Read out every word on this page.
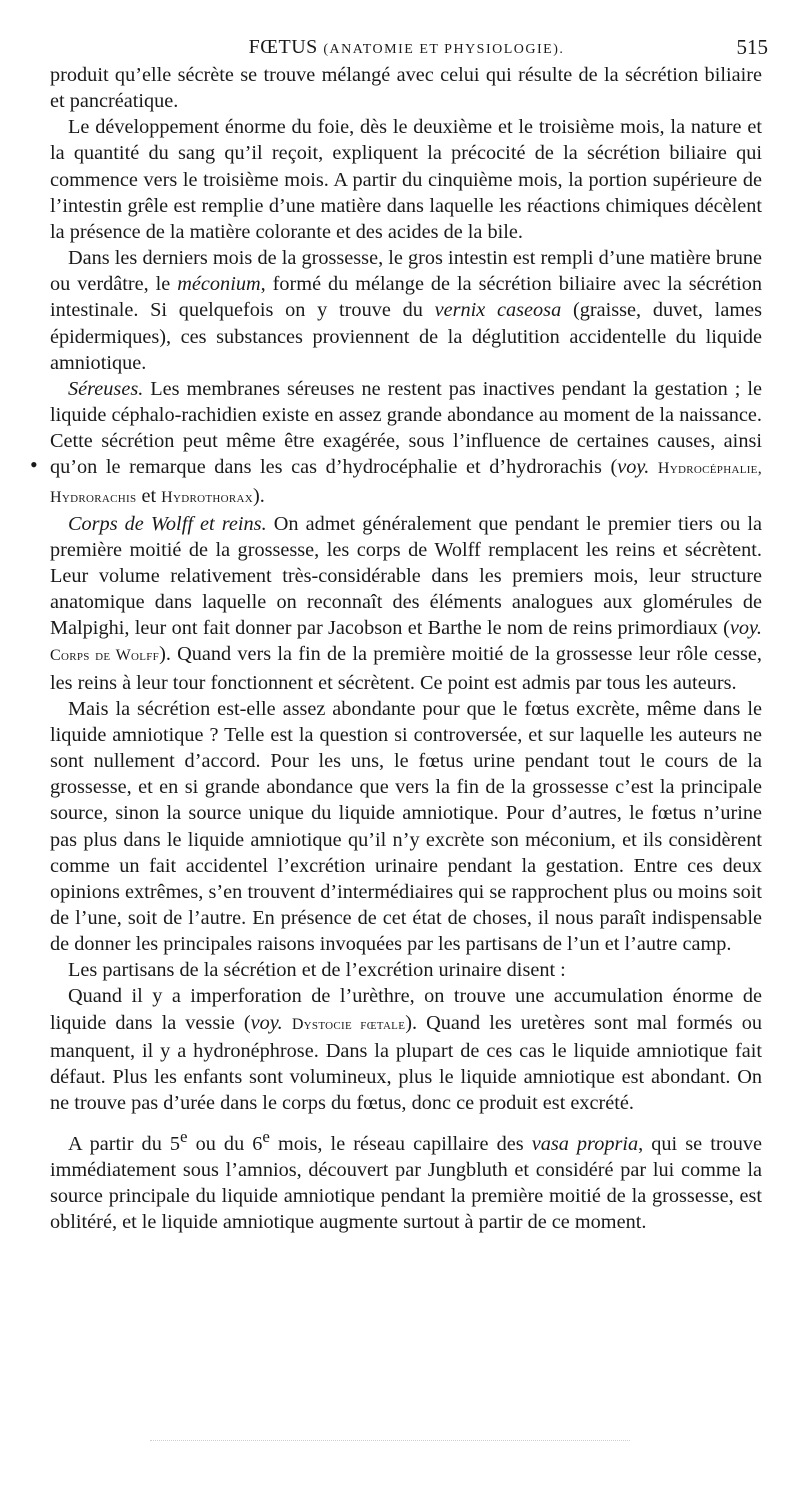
FŒTUS (ANATOMIE ET PHYSIOLOGIE).	515
•

produit qu’elle sécrète se trouve mélangé avec celui qui résulte de la sécrétion biliaire et pancréatique.

Le développement énorme du foie, dès le deuxième et le troisième mois, la nature et la quantité du sang qu’il reçoit, expliquent la précocité de la sécrétion biliaire qui commence vers le troisième mois. A partir du cinquième mois, la portion supérieure de l’intestin grêle est remplie d’une matière dans laquelle les réactions chimiques décèlent la présence de la matière colorante et des acides de la bile.

Dans les derniers mois de la grossesse, le gros intestin est rempli d’une matière brune ou verdâtre, le méconium, formé du mélange de la sécrétion biliaire avec la sécrétion intestinale. Si quelquefois on y trouve du vernix caseosa (graisse, duvet, lames épidermiques), ces substances proviennent de la déglutition accidentelle du liquide amniotique.

Séreuses. Les membranes séreuses ne restent pas inactives pendant la gestation ; le liquide céphalo-rachidien existe en assez grande abondance au moment de la naissance. Cette sécrétion peut même être exagérée, sous l’influence de certaines causes, ainsi qu’on le remarque dans les cas d’hydrocéphalie et d’hydrorachis (voy. Hydrocéphalie, Hydrorachis et Hydrothorax).

Corps de Wolff et reins. On admet généralement que pendant le premier tiers ou la première moitié de la grossesse, les corps de Wolff remplacent les reins et sécrètent. Leur volume relativement très-considérable dans les premiers mois, leur structure anatomique dans laquelle on reconnaît des éléments analogues aux glomérules de Malpighi, leur ont fait donner par Jacobson et Barthe le nom de reins primordiaux (voy. Corps de Wolff). Quand vers la fin de la première moitié de la grossesse leur rôle cesse, les reins à leur tour fonctionnent et sécrètent. Ce point est admis par tous les auteurs.

Mais la sécrétion est-elle assez abondante pour que le fœtus excrète, même dans le liquide amniotique ? Telle est la question si controversée, et sur laquelle les auteurs ne sont nullement d’accord. Pour les uns, le fœtus urine pendant tout le cours de la grossesse, et en si grande abondance que vers la fin de la grossesse c’est la principale source, sinon la source unique du liquide amniotique. Pour d’autres, le fœtus n’urine pas plus dans le liquide amniotique qu’il n’y excrète son méconium, et ils considèrent comme un fait accidentel l’excrétion urinaire pendant la gestation. Entre ces deux opinions extrêmes, s’en trouvent d’intermédiaires qui se rapprochent plus ou moins soit de l’une, soit de l’autre. En présence de cet état de choses, il nous paraît indispensable de donner les principales raisons invoquées par les partisans de l’un et l’autre camp.

Les partisans de la sécrétion et de l’excrétion urinaire disent :

Quand il y a imperforation de l’urèthre, on trouve une accumulation énorme de liquide dans la vessie (voy. Dystocie fœtale). Quand les uretères sont mal formés ou manquent, il y a hydronéphrose. Dans la plupart de ces cas le liquide amniotique fait défaut. Plus les enfants sont volumineux, plus le liquide amniotique est abondant. On ne trouve pas d’urée dans le corps du fœtus, donc ce produit est excrété.

A partir du 5e ou du 6e mois, le réseau capillaire des vasa propria, qui se trouve immédiatement sous l’amnios, découvert par Jungbluth et considéré par lui comme la source principale du liquide amniotique pendant la première moitié de la grossesse, est oblitéré, et le liquide amniotique augmente surtout à partir de ce moment.
